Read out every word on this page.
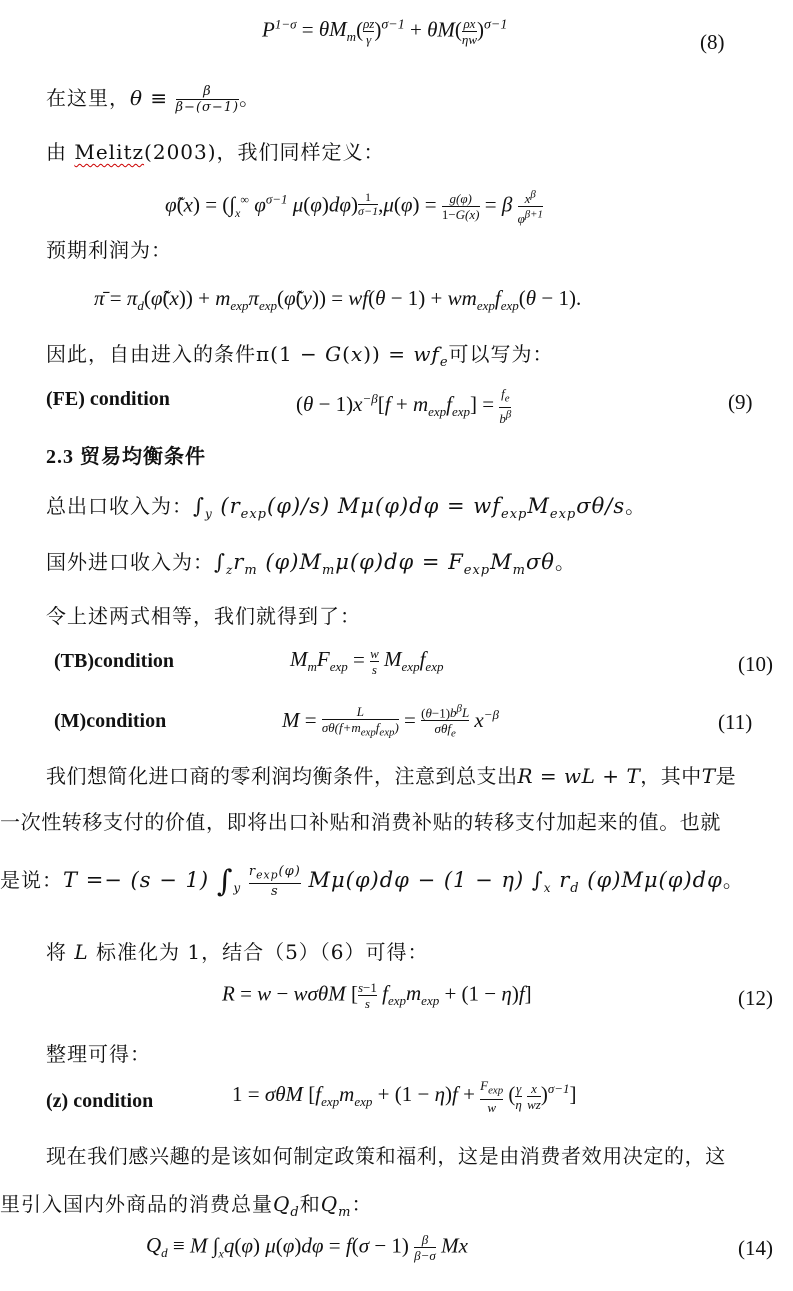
$P^{1-\sigma} = \theta M_m(\frac{\rho z}{\gamma} )^{\sigma-1} + \theta M(\frac{\rho x}{\eta w} )^{\sigma-1}$
(8)
在这里，$\theta \equiv \frac{\beta}{\beta-(\sigma-1)}$ 。
由 Melitz(2003)，我们同样定义：
φ̃(x) = ($\int_x^\infty$ $\varphi^{\sigma-1}$ μ(φ)dφ) $^{1 \sigma-1}$ $,\mu(\varphi) = \frac{g(\varphi)}{1-G(x)} = \beta \frac{x^\beta}{\varphi^{\beta+1}}$
预期利润为：
π̄ = $\pi_d(\varphĩ(x))$ + $m_{exp}\pi_{exp}(\varphĩ(y)) = wf(\theta - 1) + wm_{exp}f_{exp}(\theta - 1)$.
因此，自由进入的条件$\pi(1 - G(x)) = wf_e$可以写为：
(FE) condition	$(\theta - 1)x^{-\beta}[f + m_{exp}f_{exp}] = \frac{f_e}{b^\beta}$	(9)
2.3 贸易均衡条件
总出口收入为：$\int_y$ $(r_{exp}(\varphi)/s) M\mu(\varphi)d\varphi = wf_{exp}M_{exp}\sigma\theta/s$。
国外进口收入为：$\int_zr_m$ $(\varphi)M_m\mu(\varphi)d\varphi = F_{exp}M_m\sigma\theta$。
令上述两式相等，我们就得到了：
(TB)condition	$M_mF_{exp} = \frac{w}{s} M_{exp}f_{exp}$	(10)
(M)condition	$M = \frac{L}{\sigma\theta(f+m_{exp}f_{exp})} = (\theta-1)b^\beta L$

σθf$_e$
$x^{-\beta}$	(11)
我们想简化进口商的零利润均衡条件，注意到总支出R = wL + T，其中T是
一次性转移支付的价值，即将出口补贴和消费补贴的转移支付加起来的值。也就
是说：T =− (s − 1) $\int_y \frac{r_{exp}(\varphi)}{s} M\mu(\varphi)d\varphi - (1 - \eta)$ $\int_x$ $r_d$ (φ)Mμ(φ)dφ。
将 L 标准化为 1，结合（5）（6）可得：
R = w − wσθM [s−1

s $f_{exp}m_{exp} + (1 - \eta)f$]	(12)
整理可得：
(z) condition	1 = σθM $[f_{exp}m_{exp} + (1 - \eta)f + \frac{F_{exp}}{w} (\frac{\gamma}{\eta} \frac{x}{wz} )^{\sigma-1}]$
现在我们感兴趣的是该如何制定政策和福利，这是由消费者效用决定的，这
里引入国内外商品的消费总量$Q_d$和$Q_m$：
$Q_d \equiv M$ $\int_xq(\varphi) \mu(\varphi)d\varphi = f(\sigma - 1) \frac{\beta}{\beta-\sigma}$ Mx	(14)
